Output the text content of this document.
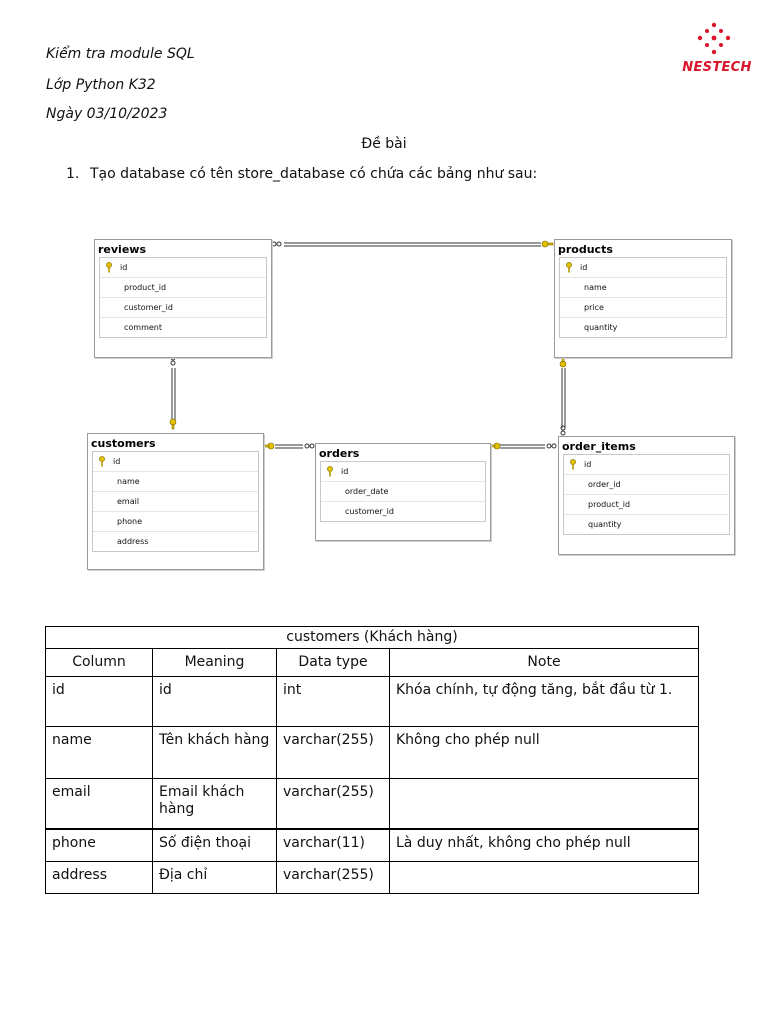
Kiểm tra module SQL
Lớp Python K32
Ngày 03/10/2023
NESTECH
Đề bài
1. Tạo database có tên store_database có chứa các bảng như sau:
reviews
id
product_id
customer_id
comment
products
id
name
price
quantity
customers
id
name
email
phone
address
orders
id
order_date
customer_id
order_items
id
order_id
product_id
quantity
customers (Khách hàng)			
Column	Meaning	Data type	Note
id	id	int	Khóa chính, tự động tăng, bắt đầu từ 1.
name	Tên khách hàng	varchar(255)	Không cho phép null
email	Email khách hàng	varchar(255)	
phone	Số điện thoại	varchar(11)	Là duy nhất, không cho phép null
address	Địa chỉ	varchar(255)	
